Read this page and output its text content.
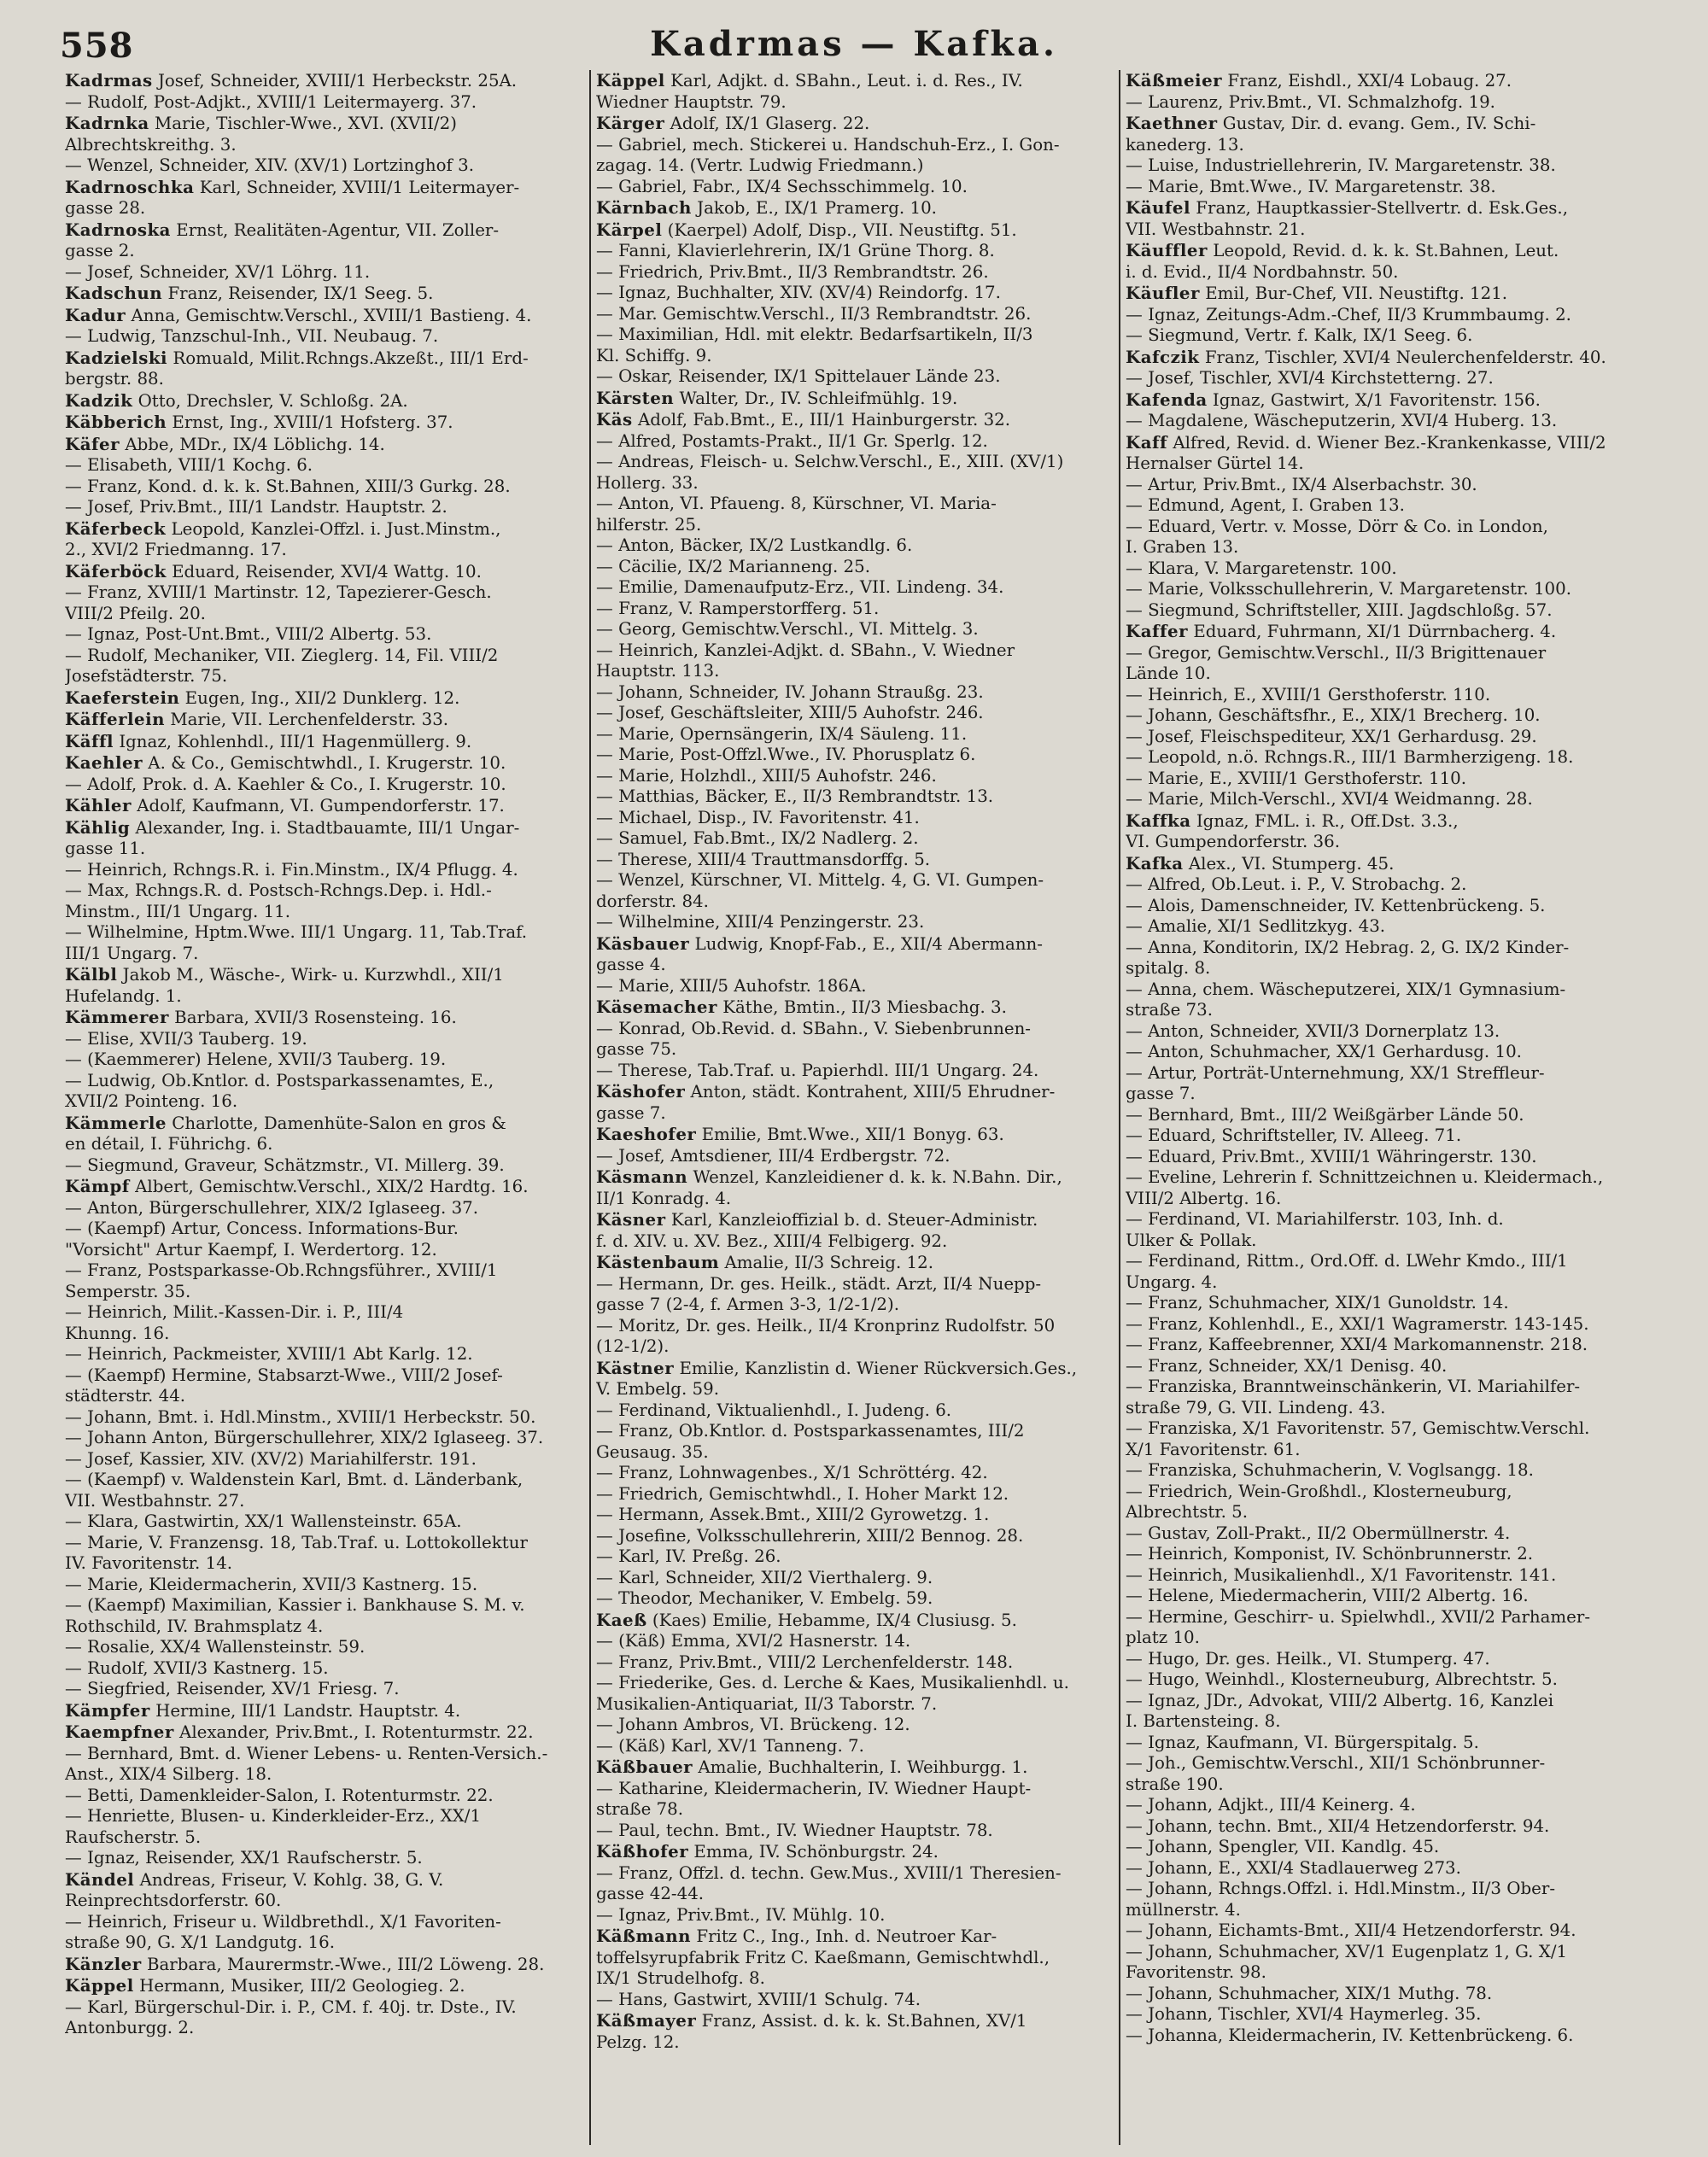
558	Kadrmas — Kafka.
Kadrmas Josef, Schneider, XVIII/1 Herbeckstr. 25A.
— Rudolf, Post-Adjkt., XVIII/1 Leitermayerg. 37.
Kadrnka Marie, Tischler-Wwe., XVI. (XVII/2)
Albrechtskreithg. 3.
— Wenzel, Schneider, XIV. (XV/1) Lortzinghof 3.
Kadrnoschka Karl, Schneider, XVIII/1 Leitermayer-
gasse 28.
Kadrnoska Ernst, Realitäten-Agentur, VII. Zoller-
gasse 2.
— Josef, Schneider, XV/1 Löhrg. 11.
Kadschun Franz, Reisender, IX/1 Seeg. 5.
Kadur Anna, Gemischtw.Verschl., XVIII/1 Bastieng. 4.
— Ludwig, Tanzschul-Inh., VII. Neubaug. 7.
Kadzielski Romuald, Milit.Rchngs.Akzeßt., III/1 Erd-
bergstr. 88.
Kadzik Otto, Drechsler, V. Schloßg. 2A.
Käbberich Ernst, Ing., XVIII/1 Hofsterg. 37.
Käfer Abbe, MDr., IX/4 Löblichg. 14.
— Elisabeth, VIII/1 Kochg. 6.
— Franz, Kond. d. k. k. St.Bahnen, XIII/3 Gurkg. 28.
— Josef, Priv.Bmt., III/1 Landstr. Hauptstr. 2.
Käferbeck Leopold, Kanzlei-Offzl. i. Just.Minstm.,
2., XVI/2 Friedmanng. 17.
Käferböck Eduard, Reisender, XVI/4 Wattg. 10.
— Franz, XVIII/1 Martinstr. 12, Tapezierer-Gesch.
VIII/2 Pfeilg. 20.
— Ignaz, Post-Unt.Bmt., VIII/2 Albertg. 53.
— Rudolf, Mechaniker, VII. Zieglerg. 14, Fil. VIII/2
Josefstädterstr. 75.
Kaeferstein Eugen, Ing., XII/2 Dunklerg. 12.
Käfferlein Marie, VII. Lerchenfelderstr. 33.
Käffl Ignaz, Kohlenhdl., III/1 Hagenmüllerg. 9.
Kaehler A. & Co., Gemischtwhdl., I. Krugerstr. 10.
— Adolf, Prok. d. A. Kaehler & Co., I. Krugerstr. 10.
Kähler Adolf, Kaufmann, VI. Gumpendorferstr. 17.
Kählig Alexander, Ing. i. Stadtbauamte, III/1 Ungar-
gasse 11.
— Heinrich, Rchngs.R. i. Fin.Minstm., IX/4 Pflugg. 4.
— Max, Rchngs.R. d. Postsch-Rchngs.Dep. i. Hdl.-
Minstm., III/1 Ungarg. 11.
— Wilhelmine, Hptm.Wwe. III/1 Ungarg. 11, Tab.Traf.
III/1 Ungarg. 7.
Kälbl Jakob M., Wäsche-, Wirk- u. Kurzwhdl., XII/1
Hufelandg. 1.
Kämmerer Barbara, XVII/3 Rosensteing. 16.
— Elise, XVII/3 Tauberg. 19.
— (Kaemmerer) Helene, XVII/3 Tauberg. 19.
— Ludwig, Ob.Kntlor. d. Postsparkassenamtes, E.,
XVII/2 Pointeng. 16.
Kämmerle Charlotte, Damenhüte-Salon en gros &
en détail, I. Führichg. 6.
— Siegmund, Graveur, Schätzmstr., VI. Millerg. 39.
Kämpf Albert, Gemischtw.Verschl., XIX/2 Hardtg. 16.
— Anton, Bürgerschullehrer, XIX/2 Iglaseeg. 37.
— (Kaempf) Artur, Concess. Informations-Bur.
"Vorsicht" Artur Kaempf, I. Werdertorg. 12.
— Franz, Postsparkasse-Ob.Rchngsführer., XVIII/1
Semperstr. 35.
— Heinrich, Milit.-Kassen-Dir. i. P., III/4
Khunng. 16.
— Heinrich, Packmeister, XVIII/1 Abt Karlg. 12.
— (Kaempf) Hermine, Stabsarzt-Wwe., VIII/2 Josef-
städterstr. 44.
— Johann, Bmt. i. Hdl.Minstm., XVIII/1 Herbeckstr. 50.
— Johann Anton, Bürgerschullehrer, XIX/2 Iglaseeg. 37.
— Josef, Kassier, XIV. (XV/2) Mariahilferstr. 191.
— (Kaempf) v. Waldenstein Karl, Bmt. d. Länderbank,
VII. Westbahnstr. 27.
— Klara, Gastwirtin, XX/1 Wallensteinstr. 65A.
— Marie, V. Franzensg. 18, Tab.Traf. u. Lottokollektur
IV. Favoritenstr. 14.
— Marie, Kleidermacherin, XVII/3 Kastnerg. 15.
— (Kaempf) Maximilian, Kassier i. Bankhause S. M. v.
Rothschild, IV. Brahmsplatz 4.
— Rosalie, XX/4 Wallensteinstr. 59.
— Rudolf, XVII/3 Kastnerg. 15.
— Siegfried, Reisender, XV/1 Friesg. 7.
Kämpfer Hermine, III/1 Landstr. Hauptstr. 4.
Kaempfner Alexander, Priv.Bmt., I. Rotenturmstr. 22.
— Bernhard, Bmt. d. Wiener Lebens- u. Renten-Versich.-
Anst., XIX/4 Silberg. 18.
— Betti, Damenkleider-Salon, I. Rotenturmstr. 22.
— Henriette, Blusen- u. Kinderkleider-Erz., XX/1
Raufscherstr. 5.
— Ignaz, Reisender, XX/1 Raufscherstr. 5.
Kändel Andreas, Friseur, V. Kohlg. 38, G. V.
Reinprechtsdorferstr. 60.
— Heinrich, Friseur u. Wildbrethdl., X/1 Favoriten-
straße 90, G. X/1 Landgutg. 16.
Känzler Barbara, Maurermstr.-Wwe., III/2 Löweng. 28.
Käppel Hermann, Musiker, III/2 Geologieg. 2.
— Karl, Bürgerschul-Dir. i. P., CM. f. 40j. tr. Dste., IV.
Antonburgg. 2.
Käppel Karl, Adjkt. d. SBahn., Leut. i. d. Res., IV.
Wiedner Hauptstr. 79.
Kärger Adolf, IX/1 Glaserg. 22.
— Gabriel, mech. Stickerei u. Handschuh-Erz., I. Gon-
zagag. 14. (Vertr. Ludwig Friedmann.)
— Gabriel, Fabr., IX/4 Sechsschimmelg. 10.
Kärnbach Jakob, E., IX/1 Pramerg. 10.
Kärpel (Kaerpel) Adolf, Disp., VII. Neustiftg. 51.
— Fanni, Klavierlehrerin, IX/1 Grüne Thorg. 8.
— Friedrich, Priv.Bmt., II/3 Rembrandtstr. 26.
— Ignaz, Buchhalter, XIV. (XV/4) Reindorfg. 17.
— Mar. Gemischtw.Verschl., II/3 Rembrandtstr. 26.
— Maximilian, Hdl. mit elektr. Bedarfsartikeln, II/3
Kl. Schiffg. 9.
— Oskar, Reisender, IX/1 Spittelauer Lände 23.
Kärsten Walter, Dr., IV. Schleifmühlg. 19.
Käs Adolf, Fab.Bmt., E., III/1 Hainburgerstr. 32.
— Alfred, Postamts-Prakt., II/1 Gr. Sperlg. 12.
— Andreas, Fleisch- u. Selchw.Verschl., E., XIII. (XV/1)
Hollerg. 33.
— Anton, VI. Pfaueng. 8, Kürschner, VI. Maria-
hilferstr. 25.
— Anton, Bäcker, IX/2 Lustkandlg. 6.
— Cäcilie, IX/2 Marianneng. 25.
— Emilie, Damenaufputz-Erz., VII. Lindeng. 34.
— Franz, V. Ramperstorfferg. 51.
— Georg, Gemischtw.Verschl., VI. Mittelg. 3.
— Heinrich, Kanzlei-Adjkt. d. SBahn., V. Wiedner
Hauptstr. 113.
— Johann, Schneider, IV. Johann Straußg. 23.
— Josef, Geschäftsleiter, XIII/5 Auhofstr. 246.
— Marie, Opernsängerin, IX/4 Säuleng. 11.
— Marie, Post-Offzl.Wwe., IV. Phorusplatz 6.
— Marie, Holzhdl., XIII/5 Auhofstr. 246.
— Matthias, Bäcker, E., II/3 Rembrandtstr. 13.
— Michael, Disp., IV. Favoritenstr. 41.
— Samuel, Fab.Bmt., IX/2 Nadlerg. 2.
— Therese, XIII/4 Trauttmansdorffg. 5.
— Wenzel, Kürschner, VI. Mittelg. 4, G. VI. Gumpen-
dorferstr. 84.
— Wilhelmine, XIII/4 Penzingerstr. 23.
Käsbauer Ludwig, Knopf-Fab., E., XII/4 Abermann-
gasse 4.
— Marie, XIII/5 Auhofstr. 186A.
Käsemacher Käthe, Bmtin., II/3 Miesbachg. 3.
— Konrad, Ob.Revid. d. SBahn., V. Siebenbrunnen-
gasse 75.
— Therese, Tab.Traf. u. Papierhdl. III/1 Ungarg. 24.
Käshofer Anton, städt. Kontrahent, XIII/5 Ehrudner-
gasse 7.
Kaeshofer Emilie, Bmt.Wwe., XII/1 Bonyg. 63.
— Josef, Amtsdiener, III/4 Erdbergstr. 72.
Käsmann Wenzel, Kanzleidiener d. k. k. N.Bahn. Dir.,
II/1 Konradg. 4.
Käsner Karl, Kanzleioffizial b. d. Steuer-Administr.
f. d. XIV. u. XV. Bez., XIII/4 Felbigerg. 92.
Kästenbaum Amalie, II/3 Schreig. 12.
— Hermann, Dr. ges. Heilk., städt. Arzt, II/4 Nuepp-
gasse 7 (2-4, f. Armen 3-3, 1/2-1/2).
— Moritz, Dr. ges. Heilk., II/4 Kronprinz Rudolfstr. 50
(12-1/2).
Kästner Emilie, Kanzlistin d. Wiener Rückversich.Ges.,
V. Embelg. 59.
— Ferdinand, Viktualienhdl., I. Judeng. 6.
— Franz, Ob.Kntlor. d. Postsparkassenamtes, III/2
Geusaug. 35.
— Franz, Lohnwagenbes., X/1 Schröttérg. 42.
— Friedrich, Gemischtwhdl., I. Hoher Markt 12.
— Hermann, Assek.Bmt., XIII/2 Gyrowetzg. 1.
— Josefine, Volksschullehrerin, XIII/2 Bennog. 28.
— Karl, IV. Preßg. 26.
— Karl, Schneider, XII/2 Vierthalerg. 9.
— Theodor, Mechaniker, V. Embelg. 59.
Kaeß (Kaes) Emilie, Hebamme, IX/4 Clusiusg. 5.
— (Käß) Emma, XVI/2 Hasnerstr. 14.
— Franz, Priv.Bmt., VIII/2 Lerchenfelderstr. 148.
— Friederike, Ges. d. Lerche & Kaes, Musikalienhdl. u.
Musikalien-Antiquariat, II/3 Taborstr. 7.
— Johann Ambros, VI. Brückeng. 12.
— (Käß) Karl, XV/1 Tanneng. 7.
Käßbauer Amalie, Buchhalterin, I. Weihburgg. 1.
— Katharine, Kleidermacherin, IV. Wiedner Haupt-
straße 78.
— Paul, techn. Bmt., IV. Wiedner Hauptstr. 78.
Käßhofer Emma, IV. Schönburgstr. 24.
— Franz, Offzl. d. techn. Gew.Mus., XVIII/1 Theresien-
gasse 42-44.
— Ignaz, Priv.Bmt., IV. Mühlg. 10.
Käßmann Fritz C., Ing., Inh. d. Neutroer Kar-
toffelsyrupfabrik Fritz C. Kaeßmann, Gemischtwhdl.,
IX/1 Strudelhofg. 8.
— Hans, Gastwirt, XVIII/1 Schulg. 74.
Käßmayer Franz, Assist. d. k. k. St.Bahnen, XV/1
Pelzg. 12.
Käßmeier Franz, Eishdl., XXI/4 Lobaug. 27.
— Laurenz, Priv.Bmt., VI. Schmalzhofg. 19.
Kaethner Gustav, Dir. d. evang. Gem., IV. Schi-
kanederg. 13.
— Luise, Industriellehrerin, IV. Margaretenstr. 38.
— Marie, Bmt.Wwe., IV. Margaretenstr. 38.
Käufel Franz, Hauptkassier-Stellvertr. d. Esk.Ges.,
VII. Westbahnstr. 21.
Käuffler Leopold, Revid. d. k. k. St.Bahnen, Leut.
i. d. Evid., II/4 Nordbahnstr. 50.
Käufler Emil, Bur-Chef, VII. Neustiftg. 121.
— Ignaz, Zeitungs-Adm.-Chef, II/3 Krummbaumg. 2.
— Siegmund, Vertr. f. Kalk, IX/1 Seeg. 6.
Kafczik Franz, Tischler, XVI/4 Neulerchenfelderstr. 40.
— Josef, Tischler, XVI/4 Kirchstetterng. 27.
Kafenda Ignaz, Gastwirt, X/1 Favoritenstr. 156.
— Magdalene, Wäscheputzerin, XVI/4 Huberg. 13.
Kaff Alfred, Revid. d. Wiener Bez.-Krankenkasse, VIII/2
Hernalser Gürtel 14.
— Artur, Priv.Bmt., IX/4 Alserbachstr. 30.
— Edmund, Agent, I. Graben 13.
— Eduard, Vertr. v. Mosse, Dörr & Co. in London,
I. Graben 13.
— Klara, V. Margaretenstr. 100.
— Marie, Volksschullehrerin, V. Margaretenstr. 100.
— Siegmund, Schriftsteller, XIII. Jagdschloßg. 57.
Kaffer Eduard, Fuhrmann, XI/1 Dürrnbacherg. 4.
— Gregor, Gemischtw.Verschl., II/3 Brigittenauer
Lände 10.
— Heinrich, E., XVIII/1 Gersthoferstr. 110.
— Johann, Geschäftsfhr., E., XIX/1 Brecherg. 10.
— Josef, Fleischspediteur, XX/1 Gerhardusg. 29.
— Leopold, n.ö. Rchngs.R., III/1 Barmherzigeng. 18.
— Marie, E., XVIII/1 Gersthoferstr. 110.
— Marie, Milch-Verschl., XVI/4 Weidmanng. 28.
Kaffka Ignaz, FML. i. R., Off.Dst. 3.3.,
VI. Gumpendorferstr. 36.
Kafka Alex., VI. Stumperg. 45.
— Alfred, Ob.Leut. i. P., V. Strobachg. 2.
— Alois, Damenschneider, IV. Kettenbrückeng. 5.
— Amalie, XI/1 Sedlitzkyg. 43.
— Anna, Konditorin, IX/2 Hebrag. 2, G. IX/2 Kinder-
spitalg. 8.
— Anna, chem. Wäscheputzerei, XIX/1 Gymnasium-
straße 73.
— Anton, Schneider, XVII/3 Dornerplatz 13.
— Anton, Schuhmacher, XX/1 Gerhardusg. 10.
— Artur, Porträt-Unternehmung, XX/1 Streffleur-
gasse 7.
— Bernhard, Bmt., III/2 Weißgärber Lände 50.
— Eduard, Schriftsteller, IV. Alleeg. 71.
— Eduard, Priv.Bmt., XVIII/1 Währingerstr. 130.
— Eveline, Lehrerin f. Schnittzeichnen u. Kleidermach.,
VIII/2 Albertg. 16.
— Ferdinand, VI. Mariahilferstr. 103, Inh. d.
Ulker & Pollak.
— Ferdinand, Rittm., Ord.Off. d. LWehr Kmdo., III/1
Ungarg. 4.
— Franz, Schuhmacher, XIX/1 Gunoldstr. 14.
— Franz, Kohlenhdl., E., XXI/1 Wagramerstr. 143-145.
— Franz, Kaffeebrenner, XXI/4 Markomannenstr. 218.
— Franz, Schneider, XX/1 Denisg. 40.
— Franziska, Branntweinschänkerin, VI. Mariahilfer-
straße 79, G. VII. Lindeng. 43.
— Franziska, X/1 Favoritenstr. 57, Gemischtw.Verschl.
X/1 Favoritenstr. 61.
— Franziska, Schuhmacherin, V. Voglsangg. 18.
— Friedrich, Wein-Großhdl., Klosterneuburg,
Albrechtstr. 5.
— Gustav, Zoll-Prakt., II/2 Obermüllnerstr. 4.
— Heinrich, Komponist, IV. Schönbrunnerstr. 2.
— Heinrich, Musikalienhdl., X/1 Favoritenstr. 141.
— Helene, Miedermacherin, VIII/2 Albertg. 16.
— Hermine, Geschirr- u. Spielwhdl., XVII/2 Parhamer-
platz 10.
— Hugo, Dr. ges. Heilk., VI. Stumperg. 47.
— Hugo, Weinhdl., Klosterneuburg, Albrechtstr. 5.
— Ignaz, JDr., Advokat, VIII/2 Albertg. 16, Kanzlei
I. Bartensteing. 8.
— Ignaz, Kaufmann, VI. Bürgerspitalg. 5.
— Joh., Gemischtw.Verschl., XII/1 Schönbrunner-
straße 190.
— Johann, Adjkt., III/4 Keinerg. 4.
— Johann, techn. Bmt., XII/4 Hetzendorferstr. 94.
— Johann, Spengler, VII. Kandlg. 45.
— Johann, E., XXI/4 Stadlauerweg 273.
— Johann, Rchngs.Offzl. i. Hdl.Minstm., II/3 Ober-
müllnerstr. 4.
— Johann, Eichamts-Bmt., XII/4 Hetzendorferstr. 94.
— Johann, Schuhmacher, XV/1 Eugenplatz 1, G. X/1
Favoritenstr. 98.
— Johann, Schuhmacher, XIX/1 Muthg. 78.
— Johann, Tischler, XVI/4 Haymerleg. 35.
— Johanna, Kleidermacherin, IV. Kettenbrückeng. 6.
